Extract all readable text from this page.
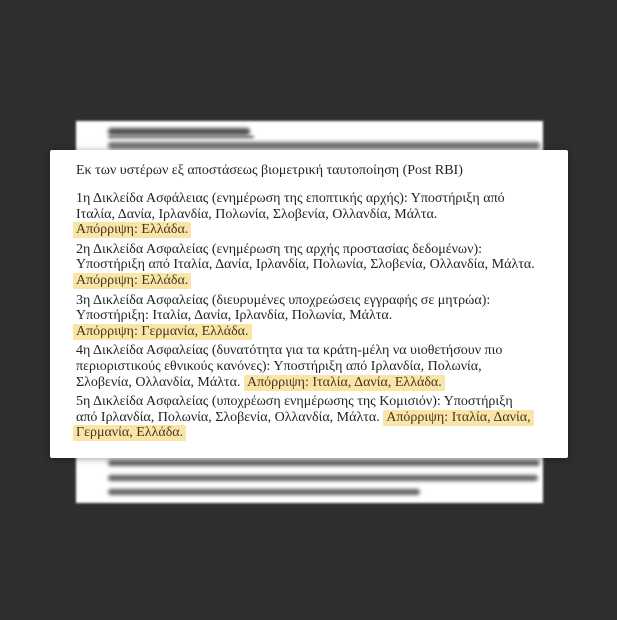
Εκ των υστέρων εξ αποστάσεως βιομετρική ταυτοποίηση (Post RBI)
1η Δικλείδα Ασφάλειας (ενημέρωση της εποπτικής αρχής): Υποστήριξη από
Ιταλία, Δανία, Ιρλανδία, Πολωνία, Σλοβενία, Ολλανδία, Μάλτα.
Απόρριψη: Ελλάδα.
2η Δικλείδα Ασφαλείας (ενημέρωση της αρχής προστασίας δεδομένων):
Υποστήριξη από Ιταλία, Δανία, Ιρλανδία, Πολωνία, Σλοβενία, Ολλανδία, Μάλτα.
Απόρριψη: Ελλάδα.
3η Δικλείδα Ασφαλείας (διευρυμένες υποχρεώσεις εγγραφής σε μητρώα):
Υποστήριξη: Ιταλία, Δανία, Ιρλανδία, Πολωνία, Μάλτα.
Απόρριψη: Γερμανία, Ελλάδα.
4η Δικλείδα Ασφαλείας (δυνατότητα για τα κράτη-μέλη να υιοθετήσουν πιο
περιοριστικούς εθνικούς κανόνες): Υποστήριξη από Ιρλανδία, Πολωνία,
Σλοβενία, Ολλανδία, Μάλτα. Απόρριψη: Ιταλία, Δανία, Ελλάδα.
5η Δικλείδα Ασφαλείας (υποχρέωση ενημέρωσης της Κομισιόν): Υποστήριξη
από Ιρλανδία, Πολωνία, Σλοβενία, Ολλανδία, Μάλτα. Απόρριψη: Ιταλία, Δανία,
Γερμανία, Ελλάδα.
